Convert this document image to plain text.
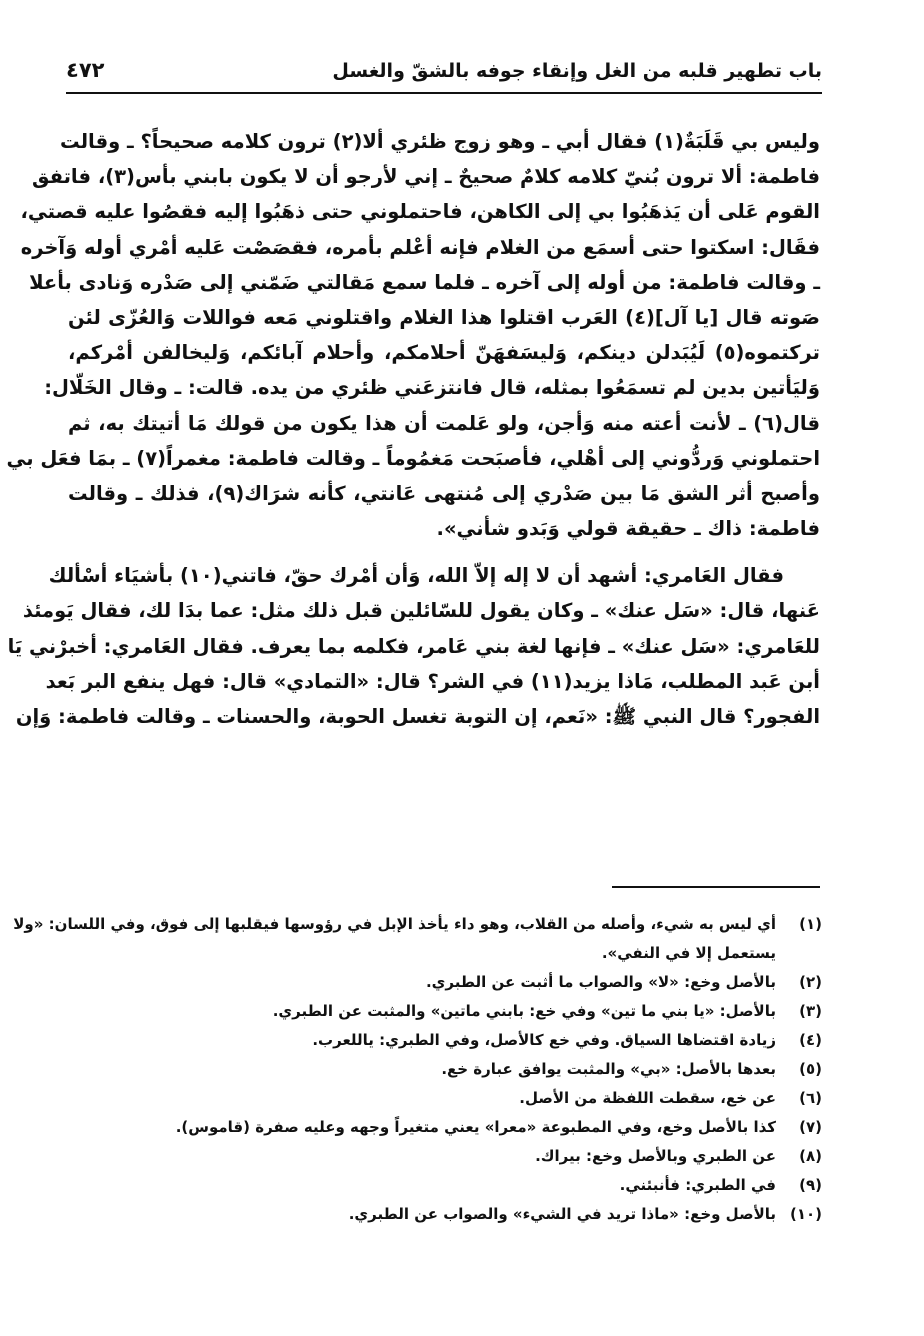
باب تطهير قلبه من الغل وإنقاء جوفه بالشقّ والغسل
٤٧٢
وليس بي قَلَبَةٌ(١) فقال أبي ـ وهو زوج ظئري ألا(٢) ترون كلامه صحيحاً؟ ـ وقالت
فاطمة: ألا ترون بُنيّ كلامه كلامٌ صحيحٌ ـ إني لأرجو أن لا يكون بابني بأس(٣)، فاتفق
القوم عَلى أن يَذهَبُوا بي إلى الكاهن، فاحتملوني حتى ذهَبُوا إليه فقصُوا عليه قصتي،
فقَال: اسكتوا حتى أسمَع من الغلام فإنه أعْلم بأمره، فقصَصْت عَليه أمْري أوله وَآخره
ـ وقالت فاطمة: من أوله إلى آخره ـ فلما سمع مَقالتي ضَمّني إلى صَدْره وَنادى بأعلا
صَوته قال [يا آل](٤) العَرب اقتلوا هذا الغلام واقتلوني مَعه فواللات وَالعُزّى لئن
تركتموه(٥) لَيُبَدلن دينكم، وَليسَفهَنّ أحلامكم، وأحلام آبائكم، وَليخالفن أمْركم،
وَليَأتين بدين لم تسمَعُوا بمثله، قال فانتزعَني ظئري من يده. قالت: ـ وقال الخَلّال:
قال(٦) ـ لأنت أعته منه وَأجن، ولو عَلمت أن هذا يكون من قولك مَا أتيتك به، ثم
احتملوني وَردُّوني إلى أهْلي، فأصبَحت مَغمُوماً ـ وقالت فاطمة: مغمراً(٧) ـ بمَا فعَل بي
وأصبح أثر الشق مَا بين صَدْري إلى مُنتهى عَانتي، كأنه شرَاك(٩)، فذلك ـ وقالت
فاطمة: ذاك ـ حقيقة قولي وَبَدو شأني».
فقال العَامري: أشهد أن لا إله إلاّ الله، وَأن أمْرك حقّ، فاتني(١٠) بأشيَاء أسْألك
عَنها، قال: «سَل عنك» ـ وكان يقول للسّائلين قبل ذلك مثل: عما بدَا لك، فقال يَومئذ
للعَامري: «سَل عنك» ـ فإنها لغة بني عَامر، فكلمه بما يعرف. فقال العَامري: أخبرْني يَا
أبن عَبد المطلب، مَاذا يزيد(١١) في الشر؟ قال: «التمادي» قال: فهل ينفع البر بَعد
الفجور؟ قال النبي ﷺ: «نَعم، إن التوبة تغسل الحوبة، والحسنات ـ وقالت فاطمة: وَإن
(١)
أي ليس به شيء، وأصله من القلاب، وهو داء يأخذ الإبل في رؤوسها فيقلبها إلى فوق، وفي اللسان: «ولا
يستعمل إلا في النفي».
(٢)
بالأصل وخع: «لا» والصواب ما أثبت عن الطبري.
(٣)
بالأصل: «يا بني ما تين» وفي خع: بابني ماتين» والمثبت عن الطبري.
(٤)
زيادة اقتضاها السياق. وفي خع كالأصل، وفي الطبري: ياللعرب.
(٥)
بعدها بالأصل: «بي» والمثبت يوافق عبارة خع.
(٦)
عن خع، سقطت اللفظة من الأصل.
(٧)
كذا بالأصل وخع، وفي المطبوعة «معرا» يعني متغيراً وجهه وعليه صفرة (قاموس).
(٨)
عن الطبري وبالأصل وخع: بيراك.
(٩)
في الطبري: فأنبئني.
(١٠)
بالأصل وخع: «ماذا تريد في الشيء» والصواب عن الطبري.
